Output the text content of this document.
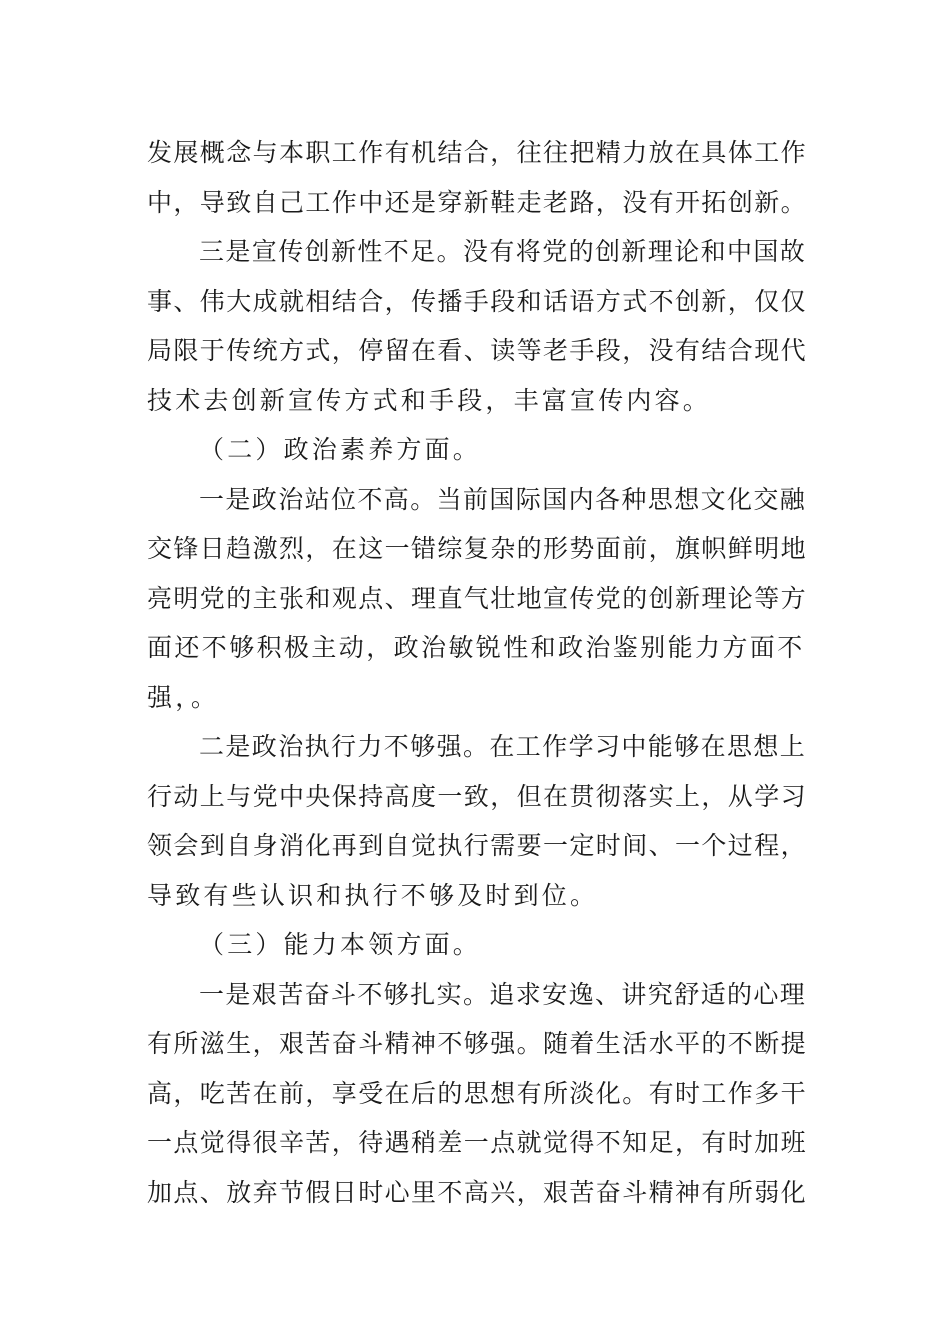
发展概念与本职工作有机结合，往往把精力放在具体工作
中，导致自己工作中还是穿新鞋走老路，没有开拓创新。
三是宣传创新性不足。没有将党的创新理论和中国故
事、伟大成就相结合，传播手段和话语方式不创新，仅仅
局限于传统方式，停留在看、读等老手段，没有结合现代
技术去创新宣传方式和手段，丰富宣传内容。
（二）政治素养方面。
一是政治站位不高。当前国际国内各种思想文化交融
交锋日趋激烈，在这一错综复杂的形势面前，旗帜鲜明地
亮明党的主张和观点、理直气壮地宣传党的创新理论等方
面还不够积极主动，政治敏锐性和政治鉴别能力方面不
强，。
二是政治执行力不够强。在工作学习中能够在思想上
行动上与党中央保持高度一致，但在贯彻落实上，从学习
领会到自身消化再到自觉执行需要一定时间、一个过程，
导致有些认识和执行不够及时到位。
（三）能力本领方面。
一是艰苦奋斗不够扎实。追求安逸、讲究舒适的心理
有所滋生，艰苦奋斗精神不够强。随着生活水平的不断提
高，吃苦在前，享受在后的思想有所淡化。有时工作多干
一点觉得很辛苦，待遇稍差一点就觉得不知足，有时加班
加点、放弃节假日时心里不高兴，艰苦奋斗精神有所弱化
